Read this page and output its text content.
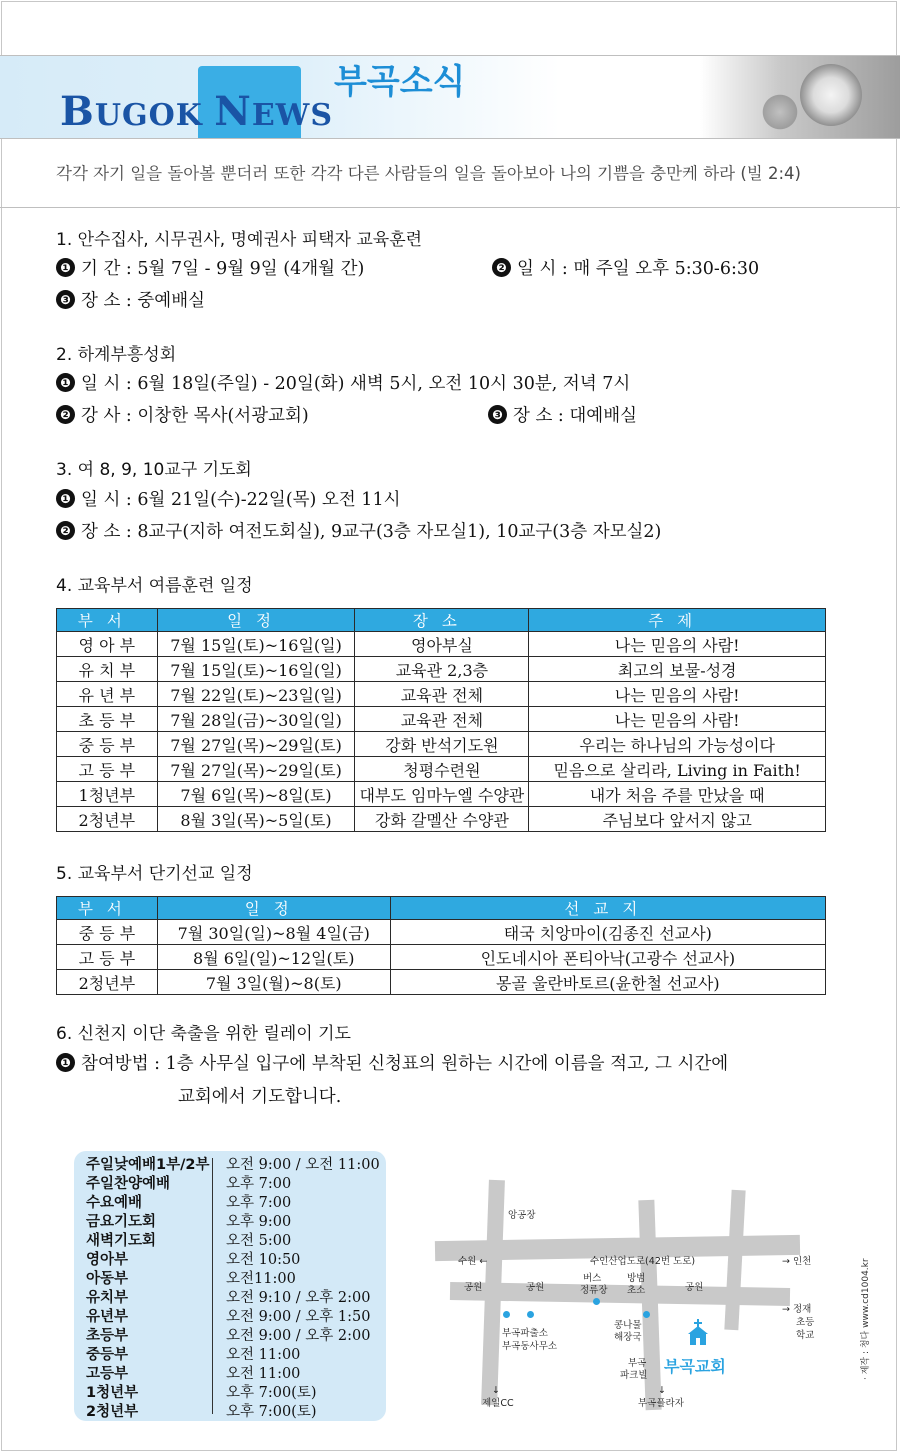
BUGOK NEWS
부곡소식
각각 자기 일을 돌아볼 뿐더러 또한 각각 다른 사람들의 일을 돌아보아 나의 기쁨을 충만케 하라 (빌 2:4)
1. 안수집사, 시무권사, 명예권사 피택자 교육훈련
❶ 기 간 : 5월 7일 - 9월 9일 (4개월 간)	❷ 일 시 : 매 주일 오후 5:30-6:30
❸ 장 소 : 중예배실
2. 하계부흥성회
❶ 일 시 : 6월 18일(주일) - 20일(화) 새벽 5시, 오전 10시 30분, 저녁 7시
❷ 강 사 : 이창한 목사(서광교회)	❸ 장 소 : 대예배실
3. 여 8, 9, 10교구 기도회
❶ 일 시 : 6월 21일(수)-22일(목) 오전 11시
❷ 장 소 : 8교구(지하 여전도회실), 9교구(3층 자모실1), 10교구(3층 자모실2)
4. 교육부서 여름훈련 일정
부서	일정	장소	주제
영 아 부	7월 15일(토)~16일(일)	영아부실	나는 믿음의 사람!
유 치 부	7월 15일(토)~16일(일)	교육관 2,3층	최고의 보물-성경
유 년 부	7월 22일(토)~23일(일)	교육관 전체	나는 믿음의 사람!
초 등 부	7월 28일(금)~30일(일)	교육관 전체	나는 믿음의 사람!
중 등 부	7월 27일(목)~29일(토)	강화 반석기도원	우리는 하나님의 가능성이다
고 등 부	7월 27일(목)~29일(토)	청평수련원	믿음으로 살리라, Living in Faith!
1청년부	7월 6일(목)~8일(토)	대부도 임마누엘 수양관	내가 처음 주를 만났을 때
2청년부	8월 3일(목)~5일(토)	강화 갈멜산 수양관	주님보다 앞서지 않고
5. 교육부서 단기선교 일정
부서	일정	선교지
중 등 부	7월 30일(일)~8월 4일(금)	태국 치앙마이(김종진 선교사)
고 등 부	8월 6일(일)~12일(토)	인도네시아 폰티아낙(고광수 선교사)
2청년부	7월 3일(월)~8(토)	몽골 울란바토르(윤한철 선교사)
6. 신천지 이단 축출을 위한 릴레이 기도
❶ 참여방법 : 1층 사무실 입구에 부착된 신청표의 원하는 시간에 이름을 적고, 그 시간에
교회에서 기도합니다.
주일낮예배1부/2부 오전 9:00 / 오전 11:00
주일찬양예배	오후 7:00
수요예배	오후 7:00
금요기도회	오후 9:00
새벽기도회	오전 5:00
영아부	오전 10:50
아동부	오전11:00
유치부	오전 9:10 / 오후 2:00
유년부	오전 9:00 / 오후 1:50
초등부	오전 9:00 / 오후 2:00
중등부	오전 11:00
고등부	오전 11:00
1청년부	오후 7:00(토)
2청년부	오후 7:00(토)
앙공장
수원 ←	수인산업도로(42번 도로)	→ 인천
공원	공원	공원
버스
정류장
방범
초소
→ 정재
초등
학교
부곡파출소
부곡동사무소
콩나물
해장국
부곡
파크빌 부곡교회
↓
제일CC
↓
부곡플라자
· 제작 : 청다 www.cd1004.kr
